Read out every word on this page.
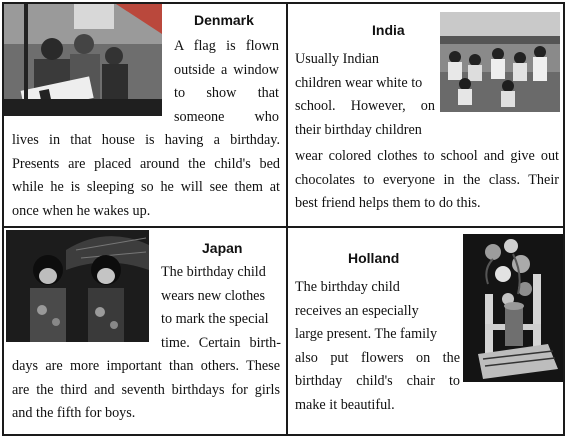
Denmark
A flag is flown
outside a window
to show that
someone who
lives in that house is having a birthday.
Presents are placed around the child's bed
while he is sleeping so he will see them at
once when he wakes up.
India
Usually Indian
children wear white to
school. However, on
their birthday children
wear colored clothes to school and give out
chocolates to everyone in the class. Their
best friend helps them to do this.
Japan
The birthday child
wears new clothes
to mark the special
time. Certain birth-
days are more important than others. These
are the third and seventh birthdays for girls
and the fifth for boys.
Holland
The birthday child
receives an especially
large present. The family
also put flowers on the
birthday child's chair to
make it beautiful.
